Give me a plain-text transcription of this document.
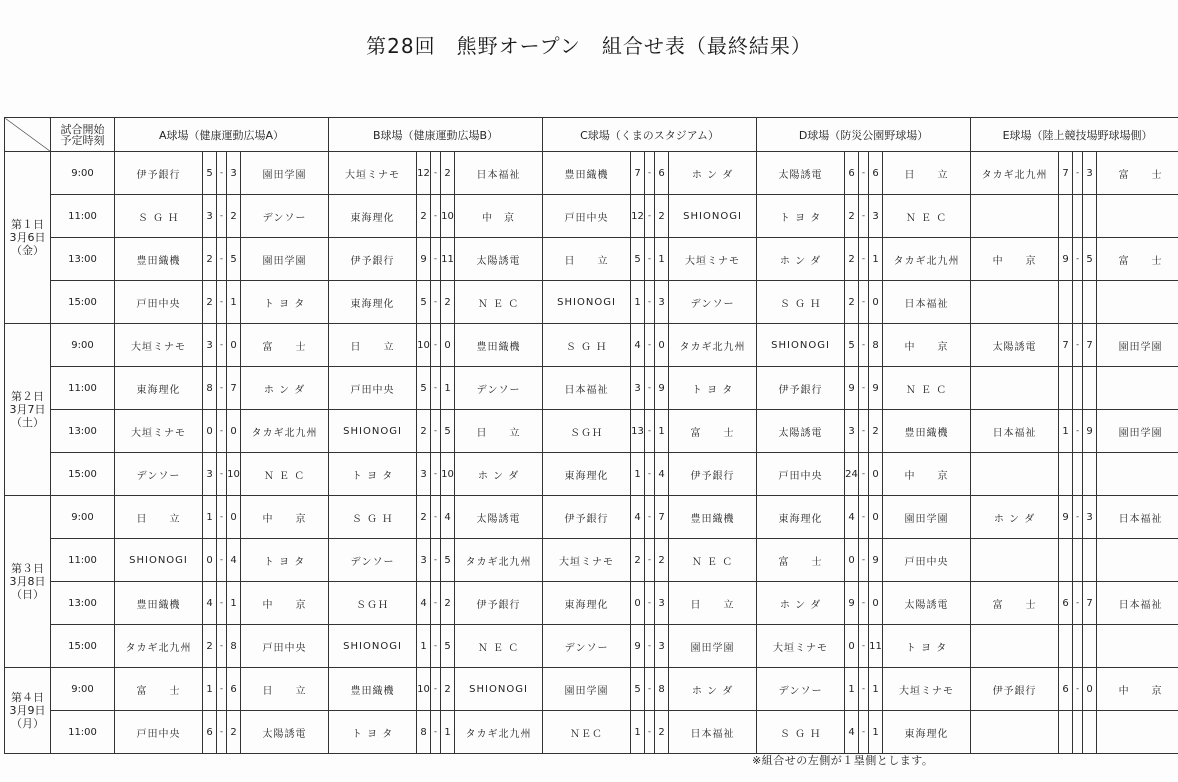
第28回　熊野オープン　組合せ表（最終結果）
	試合開始
予定時刻	A球場（健康運動広場A）					B球場（健康運動広場B）					C球場（くまのスタジアム）					D球場（防災公園野球場）					E球場（陸上競技場野球場側）				
第１日
3月6日
（金）	9:00	伊予銀行	5	-	3	園田学園	大垣ミナモ	12	-	2	日本福祉	豊田織機	7	-	6	ホ ン ダ	太陽誘電	6	-	6	日　　立	タカギ北九州	7	-	3	富　　士
	11:00	Ｓ Ｇ Ｈ	3	-	2	デンソー	東海理化	2	-	10	中　京	戸田中央	12	-	2	SHIONOGI	ト ヨ タ	2	-	3	Ｎ Ｅ Ｃ					
	13:00	豊田織機	2	-	5	園田学園	伊予銀行	9	-	11	太陽誘電	日　　立	5	-	1	大垣ミナモ	ホ ン ダ	2	-	1	タカギ北九州	中　　京	9	-	5	富　　士
	15:00	戸田中央	2	-	1	ト ヨ タ	東海理化	5	-	2	Ｎ Ｅ Ｃ	SHIONOGI	1	-	3	デンソー	Ｓ Ｇ Ｈ	2	-	0	日本福祉					
第２日
3月7日
（土）	9:00	大垣ミナモ	3	-	0	富　　士	日　　立	10	-	0	豊田織機	Ｓ Ｇ Ｈ	4	-	0	タカギ北九州	SHIONOGI	5	-	8	中　　京	太陽誘電	7	-	7	園田学園
	11:00	東海理化	8	-	7	ホ ン ダ	戸田中央	5	-	1	デンソー	日本福祉	3	-	9	ト ヨ タ	伊予銀行	9	-	9	Ｎ Ｅ Ｃ					
	13:00	大垣ミナモ	0	-	0	タカギ北九州	SHIONOGI	2	-	5	日　　立	ＳＧＨ	13	-	1	富　　士	太陽誘電	3	-	2	豊田織機	日本福祉	1	-	9	園田学園
	15:00	デンソー	3	-	10	Ｎ Ｅ Ｃ	ト ヨ タ	3	-	10	ホ ン ダ	東海理化	1	-	4	伊予銀行	戸田中央	24	-	0	中　　京					
第３日
3月8日
（日）	9:00	日　　立	1	-	0	中　　京	Ｓ Ｇ Ｈ	2	-	4	太陽誘電	伊予銀行	4	-	7	豊田織機	東海理化	4	-	0	園田学園	ホ ン ダ	9	-	3	日本福祉
	11:00	SHIONOGI	0	-	4	ト ヨ タ	デンソー	3	-	5	タカギ北九州	大垣ミナモ	2	-	2	Ｎ Ｅ Ｃ	富　　士	0	-	9	戸田中央					
	13:00	豊田織機	4	-	1	中　　京	ＳＧＨ	4	-	2	伊予銀行	東海理化	0	-	3	日　　立	ホ ン ダ	9	-	0	太陽誘電	富　　士	6	-	7	日本福祉
	15:00	タカギ北九州	2	-	8	戸田中央	SHIONOGI	1	-	5	Ｎ Ｅ Ｃ	デンソー	9	-	3	園田学園	大垣ミナモ	0	-	11	ト ヨ タ					
第４日
3月9日
（月）	9:00	富　　士	1	-	6	日　　立	豊田織機	10	-	2	SHIONOGI	園田学園	5	-	8	ホ ン ダ	デンソー	1	-	1	大垣ミナモ	伊予銀行	6	-	0	中　　京
	11:00	戸田中央	6	-	2	太陽誘電	ト ヨ タ	8	-	1	タカギ北九州	ＮＥＣ	1	-	2	日本福祉	Ｓ Ｇ Ｈ	4	-	1	東海理化					
※組合せの左側が１塁側とします。
